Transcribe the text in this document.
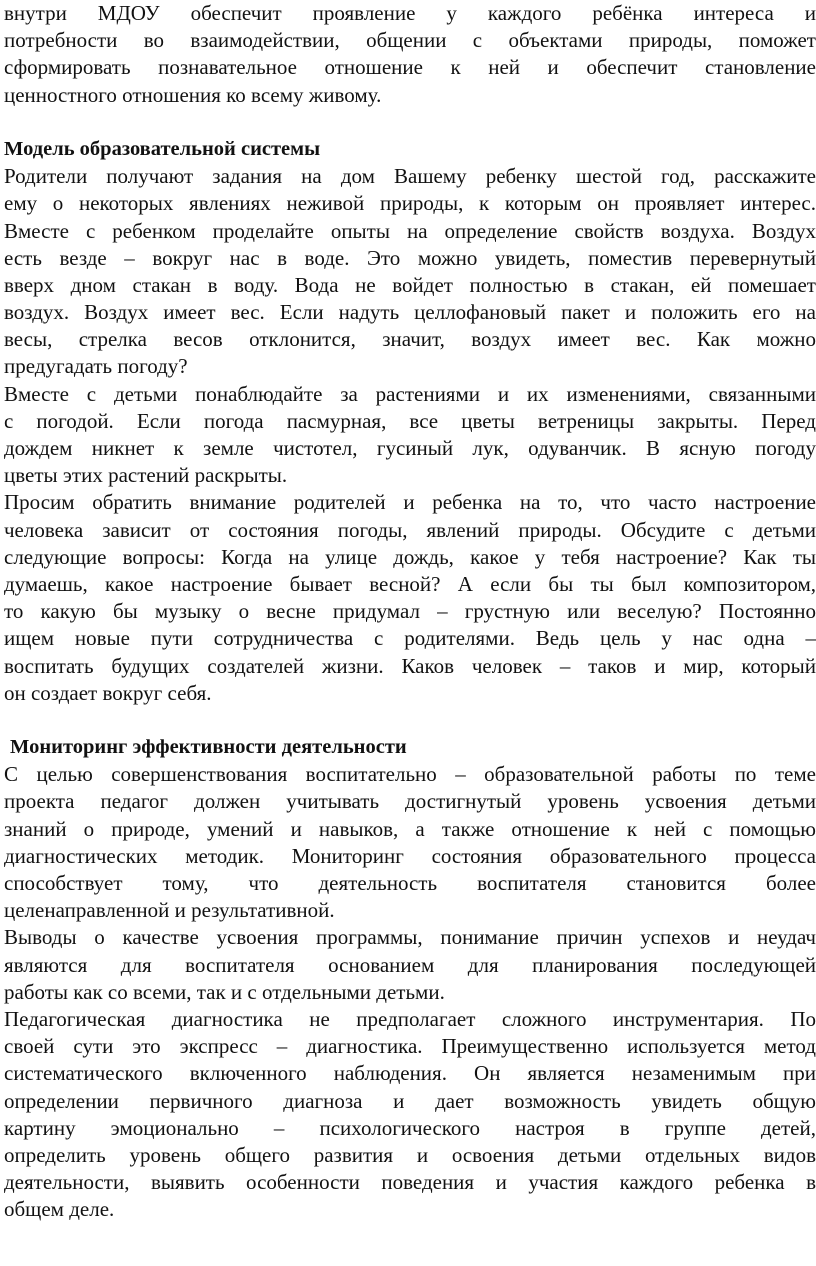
внутри МДОУ обеспечит проявление у каждого ребёнка интереса и
потребности во взаимодействии, общении с объектами природы, поможет
сформировать познавательное отношение к ней и обеспечит становление
ценностного отношения ко всему живому.
Модель образовательной системы
Родители получают задания на дом Вашему ребенку шестой год, расскажите
ему о некоторых явлениях неживой природы, к которым он проявляет интерес.
Вместе с ребенком проделайте опыты на определение свойств воздуха. Воздух
есть везде – вокруг нас в воде. Это можно увидеть, поместив перевернутый
вверх дном стакан в воду. Вода не войдет полностью в стакан, ей помешает
воздух. Воздух имеет вес. Если надуть целлофановый пакет и положить его на
весы, стрелка весов отклонится, значит, воздух имеет вес. Как можно
предугадать погоду?
Вместе с детьми понаблюдайте за растениями и их изменениями, связанными
с погодой. Если погода пасмурная, все цветы ветреницы закрыты. Перед
дождем никнет к земле чистотел, гусиный лук, одуванчик. В ясную погоду
цветы этих растений раскрыты.
Просим обратить внимание родителей и ребенка на то, что часто настроение
человека зависит от состояния погоды, явлений природы. Обсудите с детьми
следующие вопросы: Когда на улице дождь, какое у тебя настроение? Как ты
думаешь, какое настроение бывает весной? А если бы ты был композитором,
то какую бы музыку о весне придумал – грустную или веселую? Постоянно
ищем новые пути сотрудничества с родителями. Ведь цель у нас одна –
воспитать будущих создателей жизни. Каков человек – таков и мир, который
он создает вокруг себя.
Мониторинг эффективности деятельности
С целью совершенствования воспитательно – образовательной работы по теме
проекта педагог должен учитывать достигнутый уровень усвоения детьми
знаний о природе, умений и навыков, а также отношение к ней с помощью
диагностических методик. Мониторинг состояния образовательного процесса
способствует тому, что деятельность воспитателя становится более
целенаправленной и результативной.
Выводы о качестве усвоения программы, понимание причин успехов и неудач
являются для воспитателя основанием для планирования последующей
работы как со всеми, так и с отдельными детьми.
Педагогическая диагностика не предполагает сложного инструментария. По
своей сути это экспресс – диагностика. Преимущественно используется метод
систематического включенного наблюдения. Он является незаменимым при
определении первичного диагноза и дает возможность увидеть общую
картину эмоционально – психологического настроя в группе детей,
определить уровень общего развития и освоения детьми отдельных видов
деятельности, выявить особенности поведения и участия каждого ребенка в
общем деле.
